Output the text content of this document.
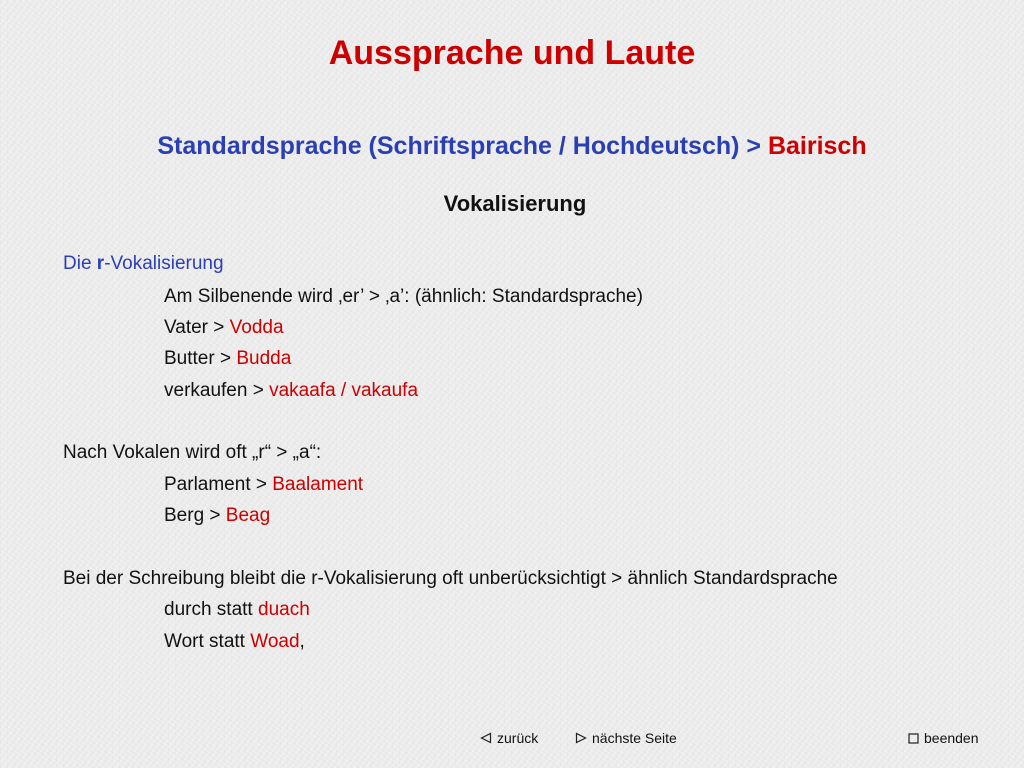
Aussprache und Laute
Standardsprache (Schriftsprache / Hochdeutsch) > Bairisch
Vokalisierung
Die r-Vokalisierung
Am Silbenende wird ‚er’ > ‚a’: (ähnlich: Standardsprache)
Vater > Vodda
Butter > Budda
verkaufen > vakaafa / vakaufa
Nach Vokalen wird oft „r“ > „a“:
Parlament > Baalament
Berg > Beag
Bei der Schreibung bleibt die r-Vokalisierung oft unberücksichtigt > ähnlich Standardsprache
durch statt duach
Wort statt Woad,
zurück	nächste Seite	beenden
